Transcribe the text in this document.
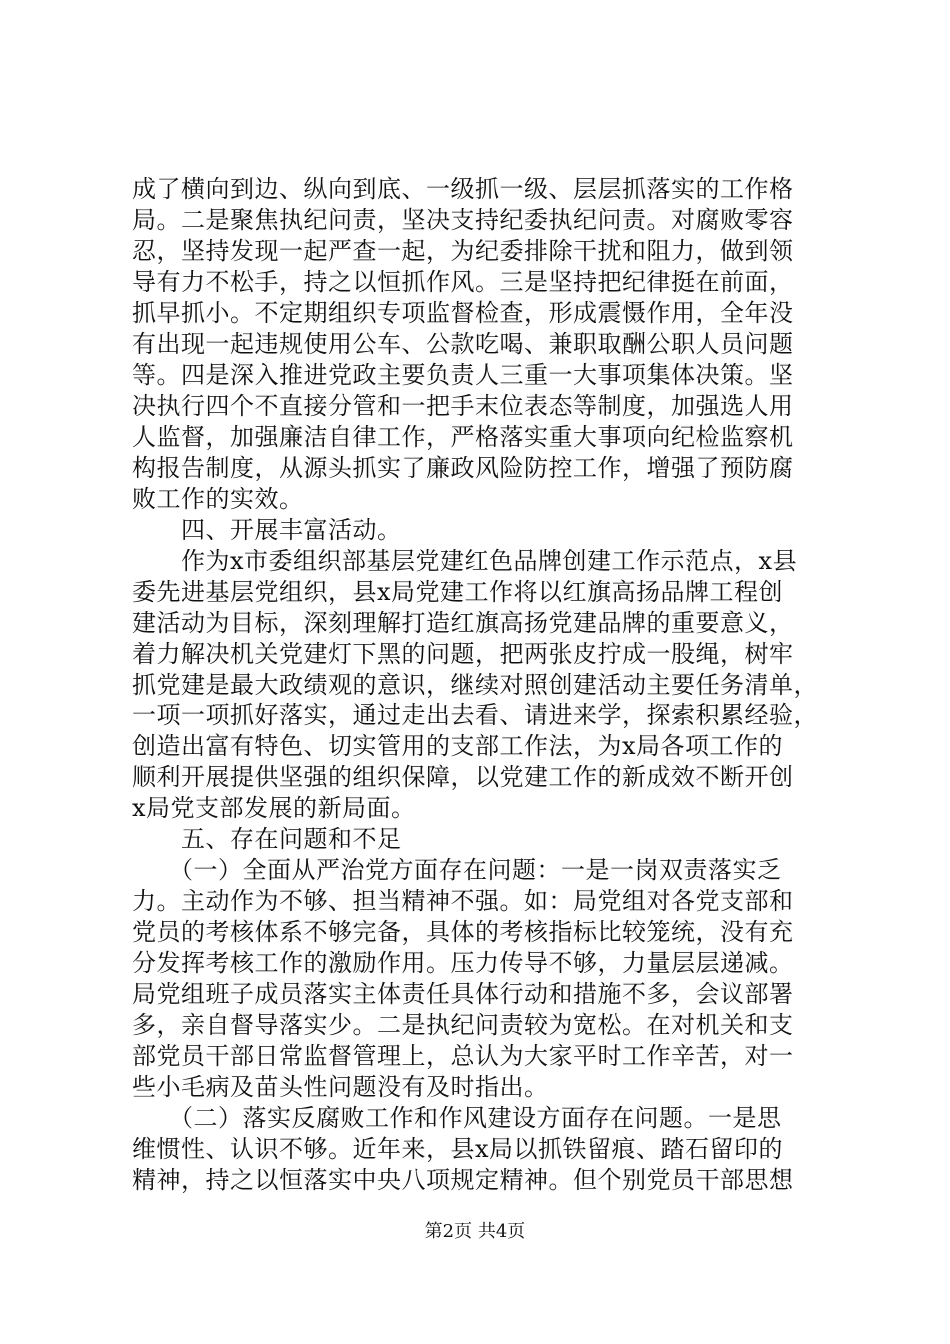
成了横向到边、纵向到底、一级抓一级、层层抓落实的工作格
局。二是聚焦执纪问责，坚决支持纪委执纪问责。对腐败零容
忍，坚持发现一起严查一起，为纪委排除干扰和阻力，做到领
导有力不松手，持之以恒抓作风。三是坚持把纪律挺在前面，
抓早抓小。不定期组织专项监督检查，形成震慑作用，全年没
有出现一起违规使用公车、公款吃喝、兼职取酬公职人员问题
等。四是深入推进党政主要负责人三重一大事项集体决策。坚
决执行四个不直接分管和一把手末位表态等制度，加强选人用
人监督，加强廉洁自律工作，严格落实重大事项向纪检监察机
构报告制度，从源头抓实了廉政风险防控工作，增强了预防腐
败工作的实效。
　　四、开展丰富活动。
　　作为x市委组织部基层党建红色品牌创建工作示范点，x县
委先进基层党组织，县x局党建工作将以红旗高扬品牌工程创
建活动为目标，深刻理解打造红旗高扬党建品牌的重要意义，
着力解决机关党建灯下黑的问题，把两张皮拧成一股绳，树牢
抓党建是最大政绩观的意识，继续对照创建活动主要任务清单，
一项一项抓好落实，通过走出去看、请进来学，探索积累经验，
创造出富有特色、切实管用的支部工作法，为x局各项工作的
顺利开展提供坚强的组织保障，以党建工作的新成效不断开创
x局党支部发展的新局面。
　　五、存在问题和不足
　　（一）全面从严治党方面存在问题：一是一岗双责落实乏
力。主动作为不够、担当精神不强。如：局党组对各党支部和
党员的考核体系不够完备，具体的考核指标比较笼统，没有充
分发挥考核工作的激励作用。压力传导不够，力量层层递减。
局党组班子成员落实主体责任具体行动和措施不多，会议部署
多，亲自督导落实少。二是执纪问责较为宽松。在对机关和支
部党员干部日常监督管理上，总认为大家平时工作辛苦，对一
些小毛病及苗头性问题没有及时指出。
　　（二）落实反腐败工作和作风建设方面存在问题。一是思
维惯性、认识不够。近年来，县x局以抓铁留痕、踏石留印的
精神，持之以恒落实中央八项规定精神。但个别党员干部思想
第2页 共4页
